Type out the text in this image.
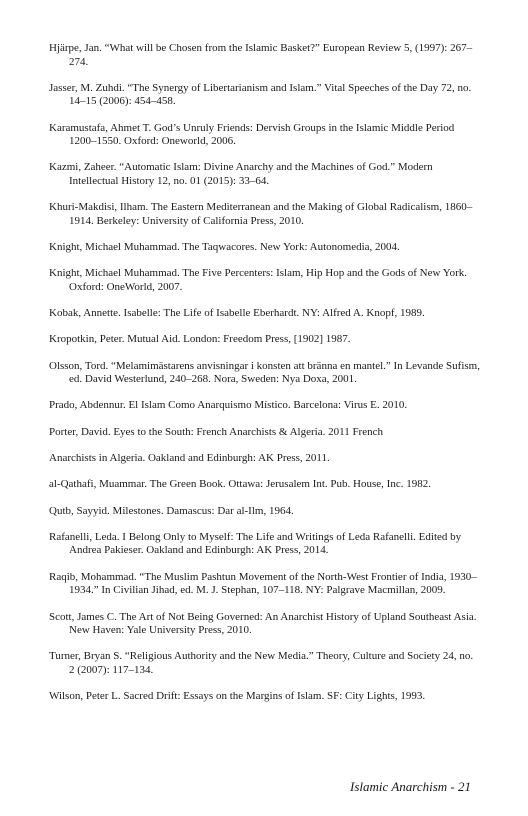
Hjärpe, Jan. “What will be Chosen from the Islamic Basket?” European Review 5, (1997): 267–274.
Jasser, M. Zuhdi. “The Synergy of Libertarianism and Islam.” Vital Speeches of the Day 72, no. 14–15 (2006): 454–458.
Karamustafa, Ahmet T. God’s Unruly Friends: Dervish Groups in the Islamic Middle Period 1200–1550. Oxford: Oneworld, 2006.
Kazmi, Zaheer. “Automatic Islam: Divine Anarchy and the Machines of God.” Modern Intellectual History 12, no. 01 (2015): 33–64.
Khuri-Makdisi, Ilham. The Eastern Mediterranean and the Making of Global Radicalism, 1860–1914. Berkeley: University of California Press, 2010.
Knight, Michael Muhammad. The Taqwacores. New York: Autonomedia, 2004.
Knight, Michael Muhammad. The Five Percenters: Islam, Hip Hop and the Gods of New York. Oxford: OneWorld, 2007.
Kobak, Annette. Isabelle: The Life of Isabelle Eberhardt. NY: Alfred A. Knopf, 1989.
Kropotkin, Peter. Mutual Aid. London: Freedom Press, [1902] 1987.
Olsson, Tord. “Melamimästarens anvisningar i konsten att bränna en mantel.” In Levande Sufism, ed. David Westerlund, 240–268. Nora, Sweden: Nya Doxa, 2001.
Prado, Abdennur. El Islam Como Anarquismo Místico. Barcelona: Virus E. 2010.
Porter, David. Eyes to the South: French Anarchists & Algeria. 2011 French
Anarchists in Algeria. Oakland and Edinburgh: AK Press, 2011.
al-Qathafi, Muammar. The Green Book. Ottawa: Jerusalem Int. Pub. House, Inc. 1982.
Qutb, Sayyid. Milestones. Damascus: Dar al-Ilm, 1964.
Rafanelli, Leda. I Belong Only to Myself: The Life and Writings of Leda Rafanelli. Edited by Andrea Pakieser. Oakland and Edinburgh: AK Press, 2014.
Raqib, Mohammad. “The Muslim Pashtun Movement of the North-West Frontier of India, 1930–1934.” In Civilian Jihad, ed. M. J. Stephan, 107–118. NY: Palgrave Macmillan, 2009.
Scott, James C. The Art of Not Being Governed: An Anarchist History of Upland Southeast Asia. New Haven: Yale University Press, 2010.
Turner, Bryan S. “Religious Authority and the New Media.” Theory, Culture and Society 24, no. 2 (2007): 117–134.
Wilson, Peter L. Sacred Drift: Essays on the Margins of Islam. SF: City Lights, 1993.
Islamic Anarchism - 21
